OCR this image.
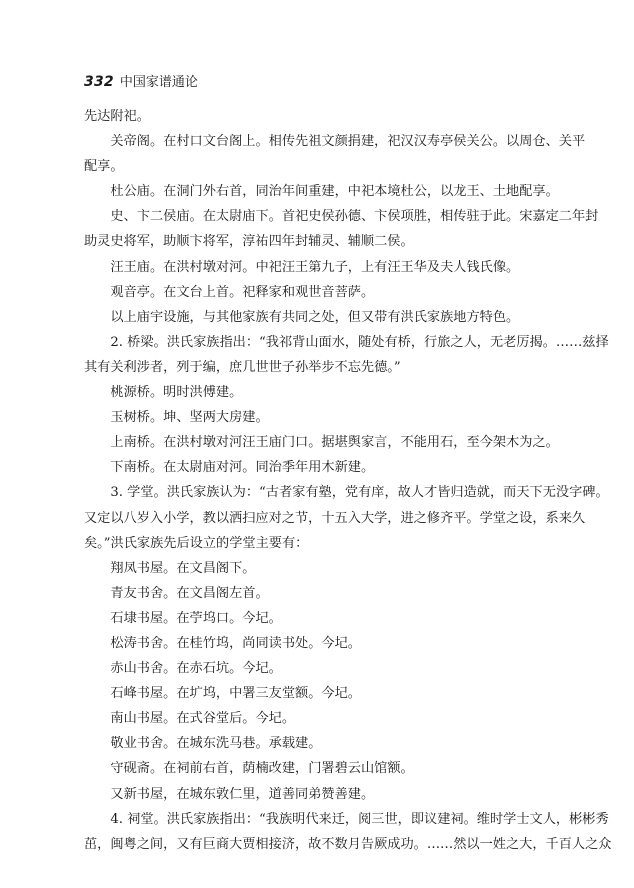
332 中国家谱通论

先达附祀。

关帝阁。在村口文台阁上。相传先祖文颜捐建，祀汉汉寿亭侯关公。以周仓、关平

配享。

杜公庙。在洞门外右首，同治年间重建，中祀本境杜公，以龙王、土地配享。

史、卞二侯庙。在太尉庙下。首祀史侯孙德、卞侯项胜，相传驻于此。宋嘉定二年封

助灵史将军，助顺卞将军，淳祐四年封辅灵、辅顺二侯。

汪王庙。在洪村墩对河。中祀汪王第九子，上有汪王华及夫人钱氏像。

观音亭。在文台上首。祀释家和观世音菩萨。

以上庙宇设施，与其他家族有共同之处，但又带有洪氏家族地方特色。

2. 桥梁。洪氏家族指出：“我祁背山面水，随处有桥，行旅之人，无老厉揭。……兹择

其有关利涉者，列于编，庶几世世子孙举步不忘先德。”

桃源桥。明时洪傅建。

玉树桥。坤、坚两大房建。

上南桥。在洪村墩对河汪王庙门口。据堪舆家言，不能用石，至今架木为之。

下南桥。在太尉庙对河。同治季年用木新建。

3. 学堂。洪氏家族认为：“古者家有塾，党有庠，故人才皆归造就，而天下无没字碑。

又定以八岁入小学，教以洒扫应对之节，十五入大学，进之修齐平。学堂之设，系来久

矣。”洪氏家族先后设立的学堂主要有：

翔凤书屋。在文昌阁下。

青友书舍。在文昌阁左首。

石埭书屋。在苧坞口。今圮。

松涛书舍。在桂竹坞，尚同读书处。今圮。

赤山书舍。在赤石坑。今圮。

石峰书屋。在圹坞，中署三友堂额。今圮。

南山书屋。在式谷堂后。今圮。

敬业书舍。在城东洗马巷。承载建。

守砚斋。在祠前右首，荫楠改建，门署碧云山馆额。

又新书屋，在城东敦仁里，道善同弟赞善建。

4. 祠堂。洪氏家族指出：“我族明代来迁，阅三世，即议建祠。维时学士文人，彬彬秀

茁，闽粤之间，又有巨商大贾相接济，故不数月告厥成功。……然以一姓之大，千百人之众
